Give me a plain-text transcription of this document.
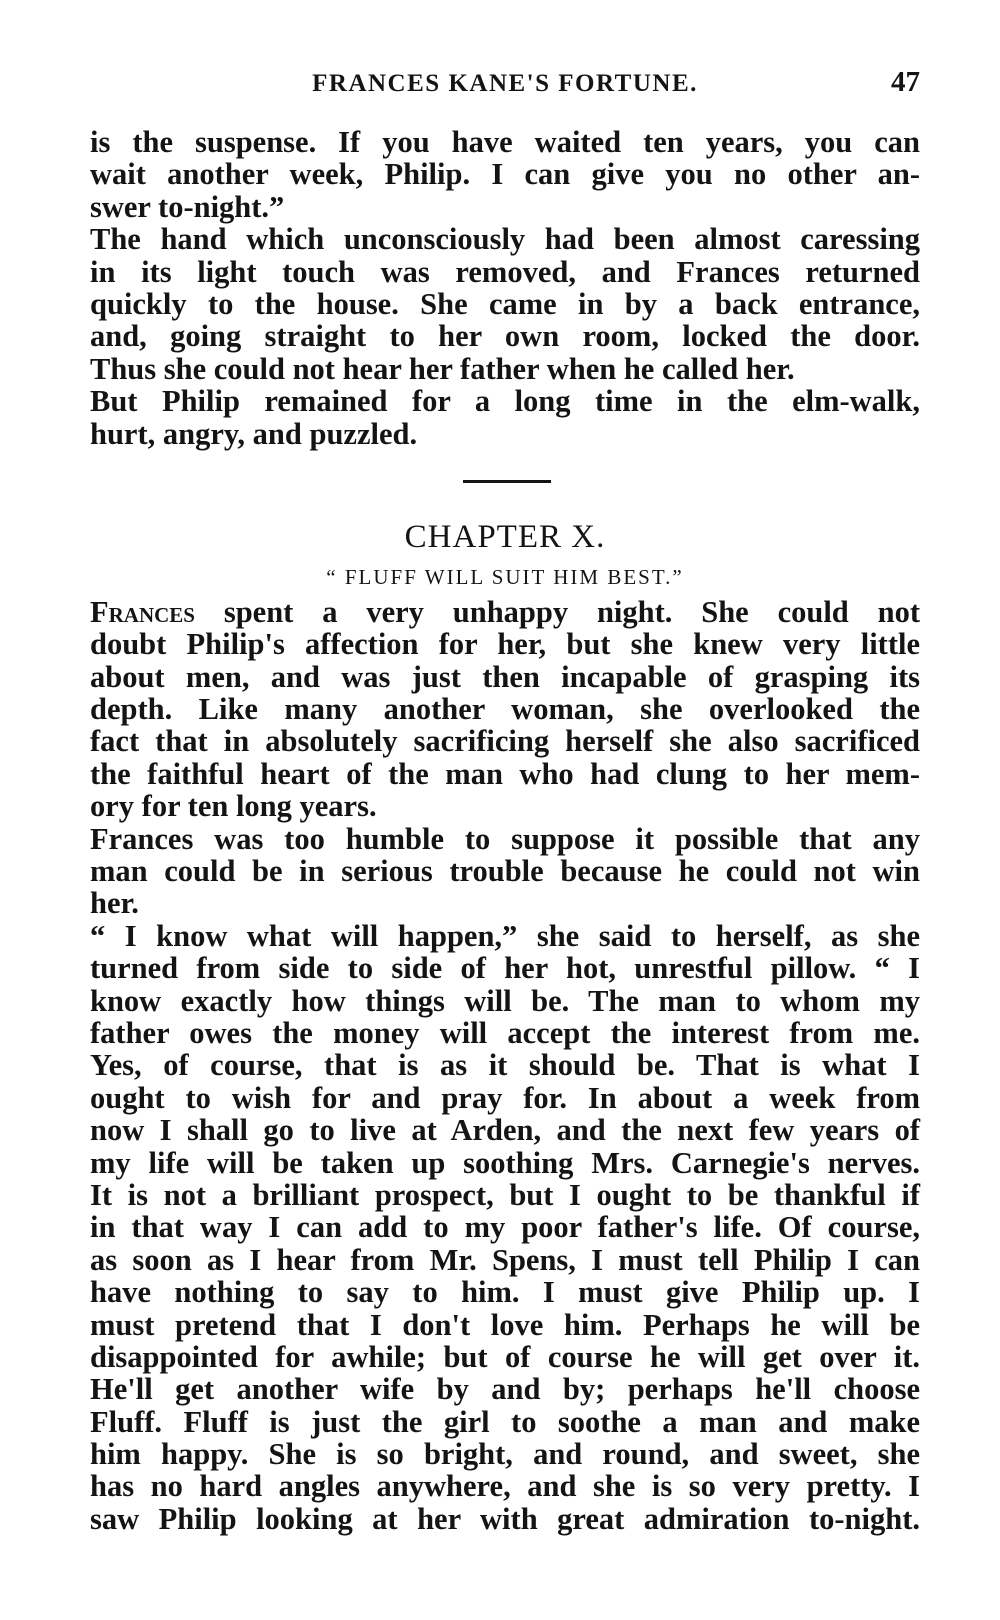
FRANCES KANE'S FORTUNE.	47
is the suspense. If you have waited ten years, you can
wait another week, Philip. I can give you no other an-
swer to-night.”
The hand which unconsciously had been almost caressing
in its light touch was removed, and Frances returned
quickly to the house. She came in by a back entrance,
and, going straight to her own room, locked the door.
Thus she could not hear her father when he called her.
But Philip remained for a long time in the elm-walk,
hurt, angry, and puzzled.
CHAPTER X.
“ FLUFF WILL SUIT HIM BEST.”
Frances spent a very unhappy night. She could not
doubt Philip's affection for her, but she knew very little
about men, and was just then incapable of grasping its
depth. Like many another woman, she overlooked the
fact that in absolutely sacrificing herself she also sacrificed
the faithful heart of the man who had clung to her mem-
ory for ten long years.
Frances was too humble to suppose it possible that any
man could be in serious trouble because he could not win
her.
“ I know what will happen,” she said to herself, as she
turned from side to side of her hot, unrestful pillow. “ I
know exactly how things will be. The man to whom my
father owes the money will accept the interest from me.
Yes, of course, that is as it should be. That is what I
ought to wish for and pray for. In about a week from
now I shall go to live at Arden, and the next few years of
my life will be taken up soothing Mrs. Carnegie's nerves.
It is not a brilliant prospect, but I ought to be thankful if
in that way I can add to my poor father's life. Of course,
as soon as I hear from Mr. Spens, I must tell Philip I can
have nothing to say to him. I must give Philip up. I
must pretend that I don't love him. Perhaps he will be
disappointed for awhile; but of course he will get over it.
He'll get another wife by and by; perhaps he'll choose
Fluff. Fluff is just the girl to soothe a man and make
him happy. She is so bright, and round, and sweet, she
has no hard angles anywhere, and she is so very pretty. I
saw Philip looking at her with great admiration to-night.
